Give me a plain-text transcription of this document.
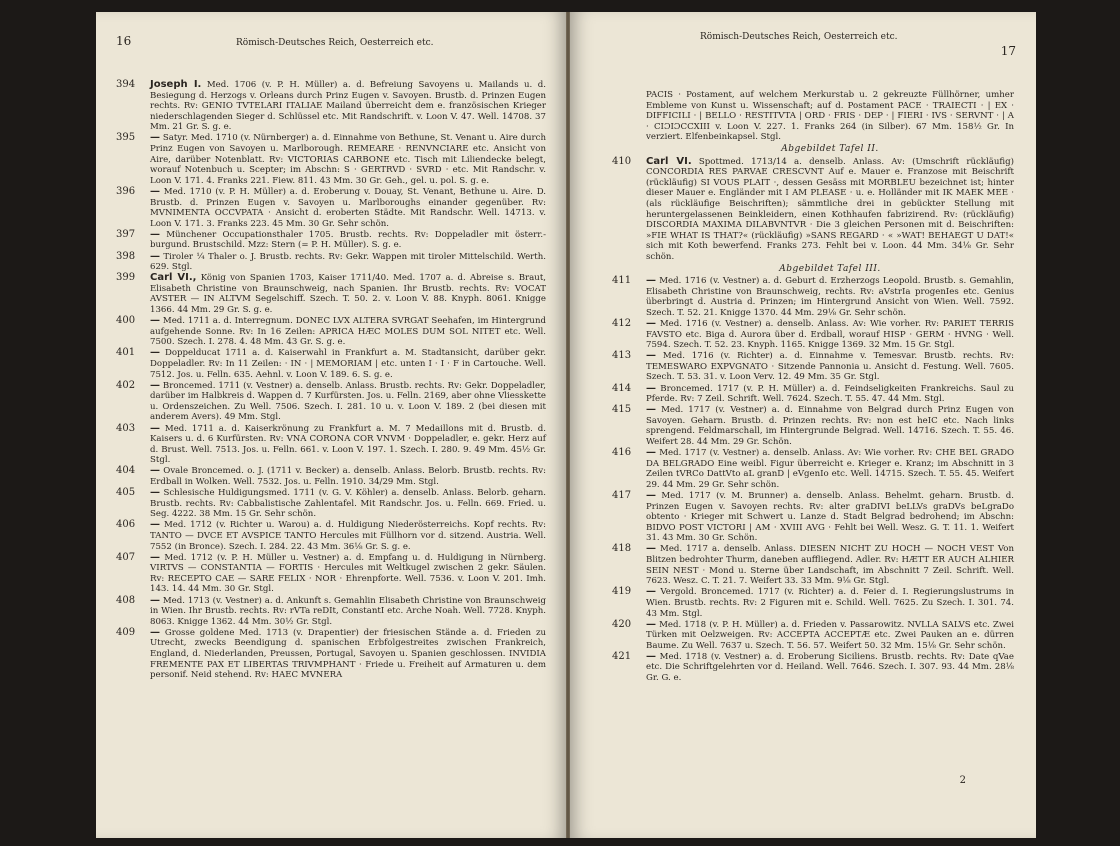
16	Römisch-Deutsches Reich, Oesterreich etc.
394 Joseph I. Med. 1706 (v. P. H. Müller) a. d. Befreiung Savoyens u. Mailands u. d. Besiegung d. Herzogs v. Orleans durch Prinz Eugen v. Savoyen. Brustb. d. Prinzen Eugen rechts. Rv: GENIO TVTELARI ITALIAE Mailand überreicht dem e. französischen Krieger niederschlagenden Sieger d. Schlüssel etc. Mit Randschrift. v. Loon V. 47. Well. 14708. 37 Mm. 21 Gr. S. g. e.
395 — Satyr. Med. 1710 (v. Nürnberger) a. d. Einnahme von Bethune, St. Venant u. Aire durch Prinz Eugen von Savoyen u. Marlborough. REMEARE · RENVNCIARE etc. Ansicht von Aire, darüber Notenblatt. Rv: VICTORIAS CARBONE etc. Tisch mit Liliendecke belegt, worauf Notenbuch u. Scepter; im Abschn: S · GERTRVD · SVRD · etc. Mit Randschr. v. Loon V. 171. 4. Franks 221. Fiew. 811. 43 Mm. 30 Gr. Geh., gel. u. pol. S. g. e.
396 — Med. 1710 (v. P. H. Müller) a. d. Eroberung v. Douay, St. Venant, Bethune u. Aire. D. Brustb. d. Prinzen Eugen v. Savoyen u. Marlboroughs einander gegenüber. Rv: MVNIMENTA OCCVPATA · Ansicht d. eroberten Städte. Mit Randschr. Well. 14713. v. Loon V. 171. 3. Franks 223. 45 Mm. 30 Gr. Sehr schön.
397 — Münchener Occupationsthaler 1705. Brustb. rechts. Rv: Doppeladler mit österr.-burgund. Brustschild. Mzz: Stern (= P. H. Müller). S. g. e.
398 — Tiroler ¼ Thaler o. J. Brustb. rechts. Rv: Gekr. Wappen mit tiroler Mittelschild. Werth. 629. Stgl.
399 Carl VI., König von Spanien 1703, Kaiser 1711/40. Med. 1707 a. d. Abreise s. Braut, Elisabeth Christine von Braunschweig, nach Spanien. Ihr Brustb. rechts. Rv: VOCAT AVSTER — IN ALTVM Segelschiff. Szech. T. 50. 2. v. Loon V. 88. Knyph. 8061. Knigge 1366. 44 Mm. 29 Gr. S. g. e.
400 — Med. 1711 a. d. Interregnum. DONEC LVX ALTERA SVRGAT Seehafen, im Hintergrund aufgehende Sonne. Rv: In 16 Zeilen: APRICA HÆC MOLES DUM SOL NITET etc. Well. 7500. Szech. I. 278. 4. 48 Mm. 43 Gr. S. g. e.
401 — Doppelducat 1711 a. d. Kaiserwahl in Frankfurt a. M. Stadtansicht, darüber gekr. Doppeladler. Rv: In 11 Zeilen: · IN · | MEMORIAM | etc. unten I · I · F in Cartouche. Well. 7512. Jos. u. Felln. 635. Aehnl. v. Loon V. 189. 6. S. g. e.
402 — Broncemed. 1711 (v. Vestner) a. denselb. Anlass. Brustb. rechts. Rv: Gekr. Doppeladler, darüber im Halbkreis d. Wappen d. 7 Kurfürsten. Jos. u. Felln. 2169, aber ohne Vliesskette u. Ordenszeichen. Zu Well. 7506. Szech. I. 281. 10 u. v. Loon V. 189. 2 (bei diesen mit anderem Avers). 49 Mm. Stgl.
403 — Med. 1711 a. d. Kaiserkrönung zu Frankfurt a. M. 7 Medaillons mit d. Brustb. d. Kaisers u. d. 6 Kurfürsten. Rv: VNA CORONA COR VNVM · Doppeladler, e. gekr. Herz auf d. Brust. Well. 7513. Jos. u. Felln. 661. v. Loon V. 197. 1. Szech. I. 280. 9. 49 Mm. 45½ Gr. Stgl.
404 — Ovale Broncemed. o. J. (1711 v. Becker) a. denselb. Anlass. Belorb. Brustb. rechts. Rv: Erdball in Wolken. Well. 7532. Jos. u. Felln. 1910. 34/29 Mm. Stgl.
405 — Schlesische Huldigungsmed. 1711 (v. G. V. Köhler) a. denselb. Anlass. Belorb. geharn. Brustb. rechts. Rv: Cabbalistische Zahlentafel. Mit Randschr. Jos. u. Felln. 669. Fried. u. Seg. 4222. 38 Mm. 15 Gr. Sehr schön.
406 — Med. 1712 (v. Richter u. Warou) a. d. Huldigung Niederösterreichs. Kopf rechts. Rv: TANTO — DVCE ET AVSPICE TANTO Hercules mit Füllhorn vor d. sitzend. Austria. Well. 7552 (in Bronce). Szech. I. 284. 22. 43 Mm. 36⅛ Gr. S. g. e.
407 — Med. 1712 (v. P. H. Müller u. Vestner) a. d. Empfang u. d. Huldigung in Nürnberg. VIRTVS — CONSTANTIA — FORTIS · Hercules mit Weltkugel zwischen 2 gekr. Säulen. Rv: RECEPTO CAE — SARE FELIX · NOR · Ehrenpforte. Well. 7536. v. Loon V. 201. Imh. 143. 14. 44 Mm. 30 Gr. Stgl.
408 — Med. 1713 (v. Vestner) a. d. Ankunft s. Gemahlin Elisabeth Christine von Braunschweig in Wien. Ihr Brustb. rechts. Rv: rVTa reDIt, ConstantI etc. Arche Noah. Well. 7728. Knyph. 8063. Knigge 1362. 44 Mm. 30½ Gr. Stgl.
409 — Grosse goldene Med. 1713 (v. Drapentier) der friesischen Stände a. d. Frieden zu Utrecht, zwecks Beendigung d. spanischen Erbfolgestreites zwischen Frankreich, England, d. Niederlanden, Preussen, Portugal, Savoyen u. Spanien geschlossen. INVIDIA FREMENTE PAX ET LIBERTAS TRIVMPHANT · Friede u. Freiheit auf Armaturen u. dem personif. Neid stehend. Rv: HAEC MVNERA
Römisch-Deutsches Reich, Oesterreich etc.
17
PACIS · Postament, auf welchem Merkurstab u. 2 gekreuzte Füllhörner, umher Embleme von Kunst u. Wissenschaft; auf d. Postament PACE · TRAIECTI · | EX · DIFFICILI · | BELLO · RESTITVTA | ORD · FRIS · DEP · | FIERI · IVS · SERVNT · | A · CIƆIƆCCXIII v. Loon V. 227. 1. Franks 264 (in Silber). 67 Mm. 158½ Gr. In verziert. Elfenbeinkapsel. Stgl.
Abgebildet Tafel II.
410 Carl VI. Spottmed. 1713/14 a. denselb. Anlass. Av: (Umschrift rückläufig) CONCORDIA RES PARVAE CRESCVNT Auf e. Mauer e. Franzose mit Beischrift (rückläufig) SI VOUS PLAIT ·, dessen Gesäss mit MORBLEU bezeichnet ist; hinter dieser Mauer e. Engländer mit I AM PLEASE · u. e. Holländer mit IK MAEK MEE · (als rückläufige Beischriften); sämmtliche drei in gebückter Stellung mit heruntergelassenen Beinkleidern, einen Kothhaufen fabrizirend. Rv: (rückläufig) DISCORDIA MAXIMA DILABVNTVR · Die 3 gleichen Personen mit d. Beischriften: »FIE WHAT IS THAT?« (rückläufig) »SANS REGARD · « »WAT! BEHAEGT U DAT!« sich mit Koth bewerfend. Franks 273. Fehlt bei v. Loon. 44 Mm. 34⅛ Gr. Sehr schön.
Abgebildet Tafel III.
411 — Med. 1716 (v. Vestner) a. d. Geburt d. Erzherzogs Leopold. Brustb. s. Gemahlin, Elisabeth Christine von Braunschweig, rechts. Rv: aVstrIa progenIes etc. Genius überbringt d. Austria d. Prinzen; im Hintergrund Ansicht von Wien. Well. 7592. Szech. T. 52. 21. Knigge 1370. 44 Mm. 29⅛ Gr. Sehr schön.
412 — Med. 1716 (v. Vestner) a. denselb. Anlass. Av: Wie vorher. Rv: PARIET TERRIS FAVSTO etc. Biga d. Aurora über d. Erdball, worauf HISP · GERM · HVNG · Well. 7594. Szech. T. 52. 23. Knyph. 1165. Knigge 1369. 32 Mm. 15 Gr. Stgl.
413 — Med. 1716 (v. Richter) a. d. Einnahme v. Temesvar. Brustb. rechts. Rv: TEMESWARO EXPVGNATO · Sitzende Pannonia u. Ansicht d. Festung. Well. 7605. Szech. T. 53. 31. v. Loon Verv. 12. 49 Mm. 35 Gr. Stgl.
414 — Broncemed. 1717 (v. P. H. Müller) a. d. Feindseligkeiten Frankreichs. Saul zu Pferde. Rv: 7 Zeil. Schrift. Well. 7624. Szech. T. 55. 47. 44 Mm. Stgl.
415 — Med. 1717 (v. Vestner) a. d. Einnahme von Belgrad durch Prinz Eugen von Savoyen. Geharn. Brustb. d. Prinzen rechts. Rv: non est heIC etc. Nach links sprengend. Feldmarschall, im Hintergrunde Belgrad. Well. 14716. Szech. T. 55. 46. Weifert 28. 44 Mm. 29 Gr. Schön.
416 — Med. 1717 (v. Vestner) a. denselb. Anlass. Av: Wie vorher. Rv: CHE BEL GRADO DA BELGRADO Eine weibl. Figur überreicht e. Krieger e. Kranz; im Abschnitt in 3 Zeilen tVRCo DattVto aL granD | eVgenIo etc. Well. 14715. Szech. T. 55. 45. Weifert 29. 44 Mm. 29 Gr. Sehr schön.
417 — Med. 1717 (v. M. Brunner) a. denselb. Anlass. Behelmt. geharn. Brustb. d. Prinzen Eugen v. Savoyen rechts. Rv: alter graDIVI beLLVs graDVs beLgraDo obtento · Krieger mit Schwert u. Lanze d. Stadt Belgrad bedrohend; im Abschn: BIDVO POST VICTORI | AM · XVIII AVG · Fehlt bei Well. Wesz. G. T. 11. 1. Weifert 31. 43 Mm. 30 Gr. Schön.
418 — Med. 1717 a. denselb. Anlass. DIESEN NICHT ZU HOCH — NOCH VEST Von Blitzen bedrohter Thurm, daneben auffliegend. Adler. Rv: HÆTT ER AUCH ALHIER SEIN NEST · Mond u. Sterne über Landschaft, im Abschnitt 7 Zeil. Schrift. Well. 7623. Wesz. C. T. 21. 7. Weifert 33. 33 Mm. 9⅛ Gr. Stgl.
419 — Vergold. Broncemed. 1717 (v. Richter) a. d. Feier d. I. Regierungslustrums in Wien. Brustb. rechts. Rv: 2 Figuren mit e. Schild. Well. 7625. Zu Szech. I. 301. 74. 43 Mm. Stgl.
420 — Med. 1718 (v. P. H. Müller) a. d. Frieden v. Passarowitz. NVLLA SALVS etc. Zwei Türken mit Oelzweigen. Rv: ACCEPTA ACCEPTÆ etc. Zwei Pauken an e. dürren Baume. Zu Well. 7637 u. Szech. T. 56. 57. Weifert 50. 32 Mm. 15⅛ Gr. Sehr schön.
421 — Med. 1718 (v. Vestner) a. d. Eroberung Siciliens. Brustb. rechts. Rv: Date qVae etc. Die Schriftgelehrten vor d. Heiland. Well. 7646. Szech. I. 307. 93. 44 Mm. 28⅛ Gr. G. e.
2
